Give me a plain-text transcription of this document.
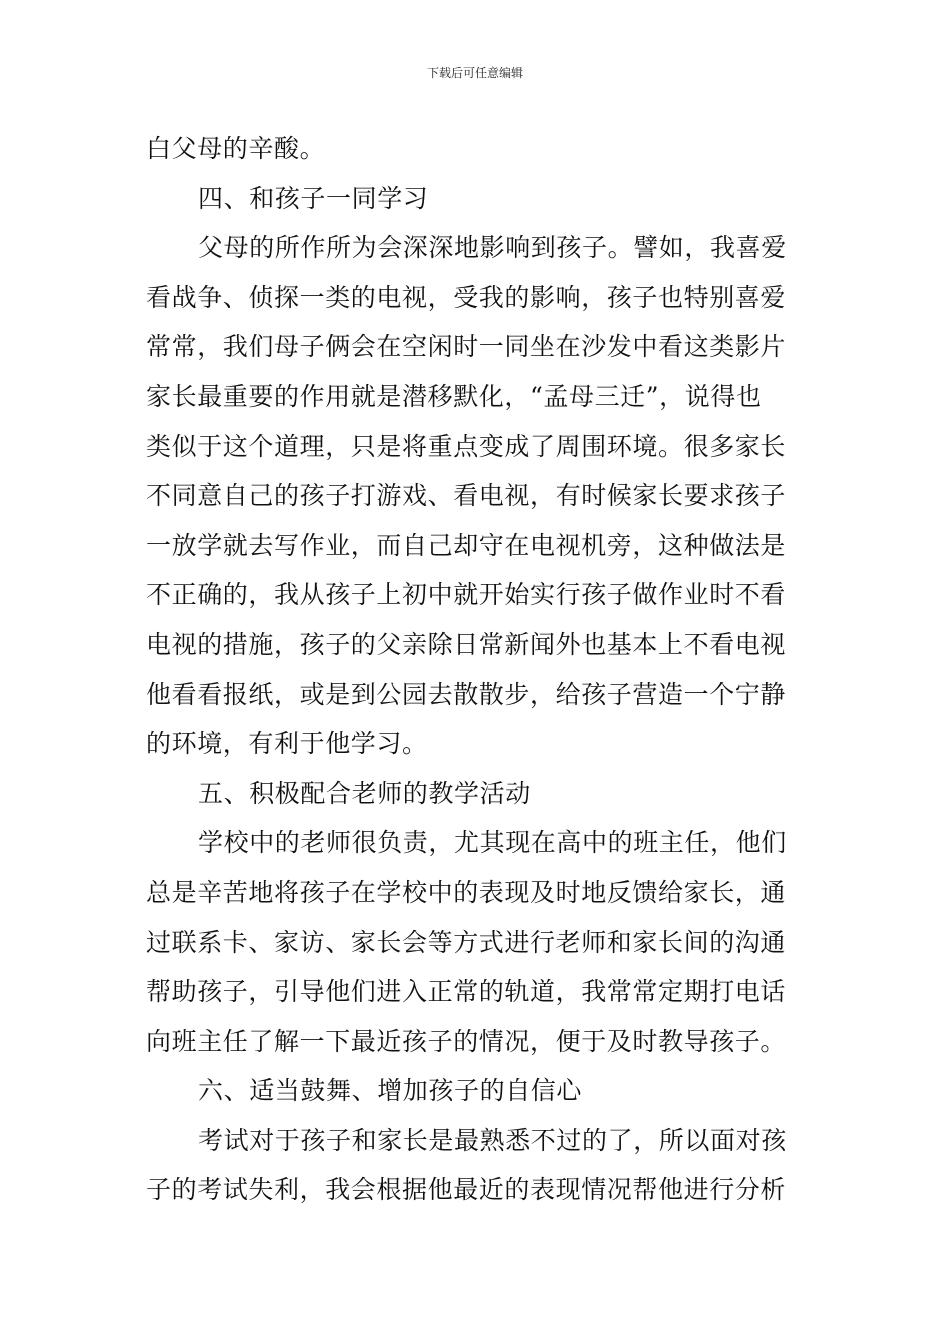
下载后可任意编辑
白父母的辛酸。
四、和孩子一同学习
父母的所作所为会深深地影响到孩子。譬如，我喜爱
看战争、侦探一类的电视，受我的影响，孩子也特别喜爱
常常，我们母子俩会在空闲时一同坐在沙发中看这类影片
家长最重要的作用就是潜移默化，“孟母三迁”，说得也
类似于这个道理，只是将重点变成了周围环境。很多家长
不同意自己的孩子打游戏、看电视，有时候家长要求孩子
一放学就去写作业，而自己却守在电视机旁，这种做法是
不正确的，我从孩子上初中就开始实行孩子做作业时不看
电视的措施，孩子的父亲除日常新闻外也基本上不看电视
他看看报纸，或是到公园去散散步，给孩子营造一个宁静
的环境，有利于他学习。
五、积极配合老师的教学活动
学校中的老师很负责，尤其现在高中的班主任，他们
总是辛苦地将孩子在学校中的表现及时地反馈给家长，通
过联系卡、家访、家长会等方式进行老师和家长间的沟通
帮助孩子，引导他们进入正常的轨道，我常常定期打电话
向班主任了解一下最近孩子的情况，便于及时教导孩子。
六、适当鼓舞、增加孩子的自信心
考试对于孩子和家长是最熟悉不过的了，所以面对孩
子的考试失利，我会根据他最近的表现情况帮他进行分析
